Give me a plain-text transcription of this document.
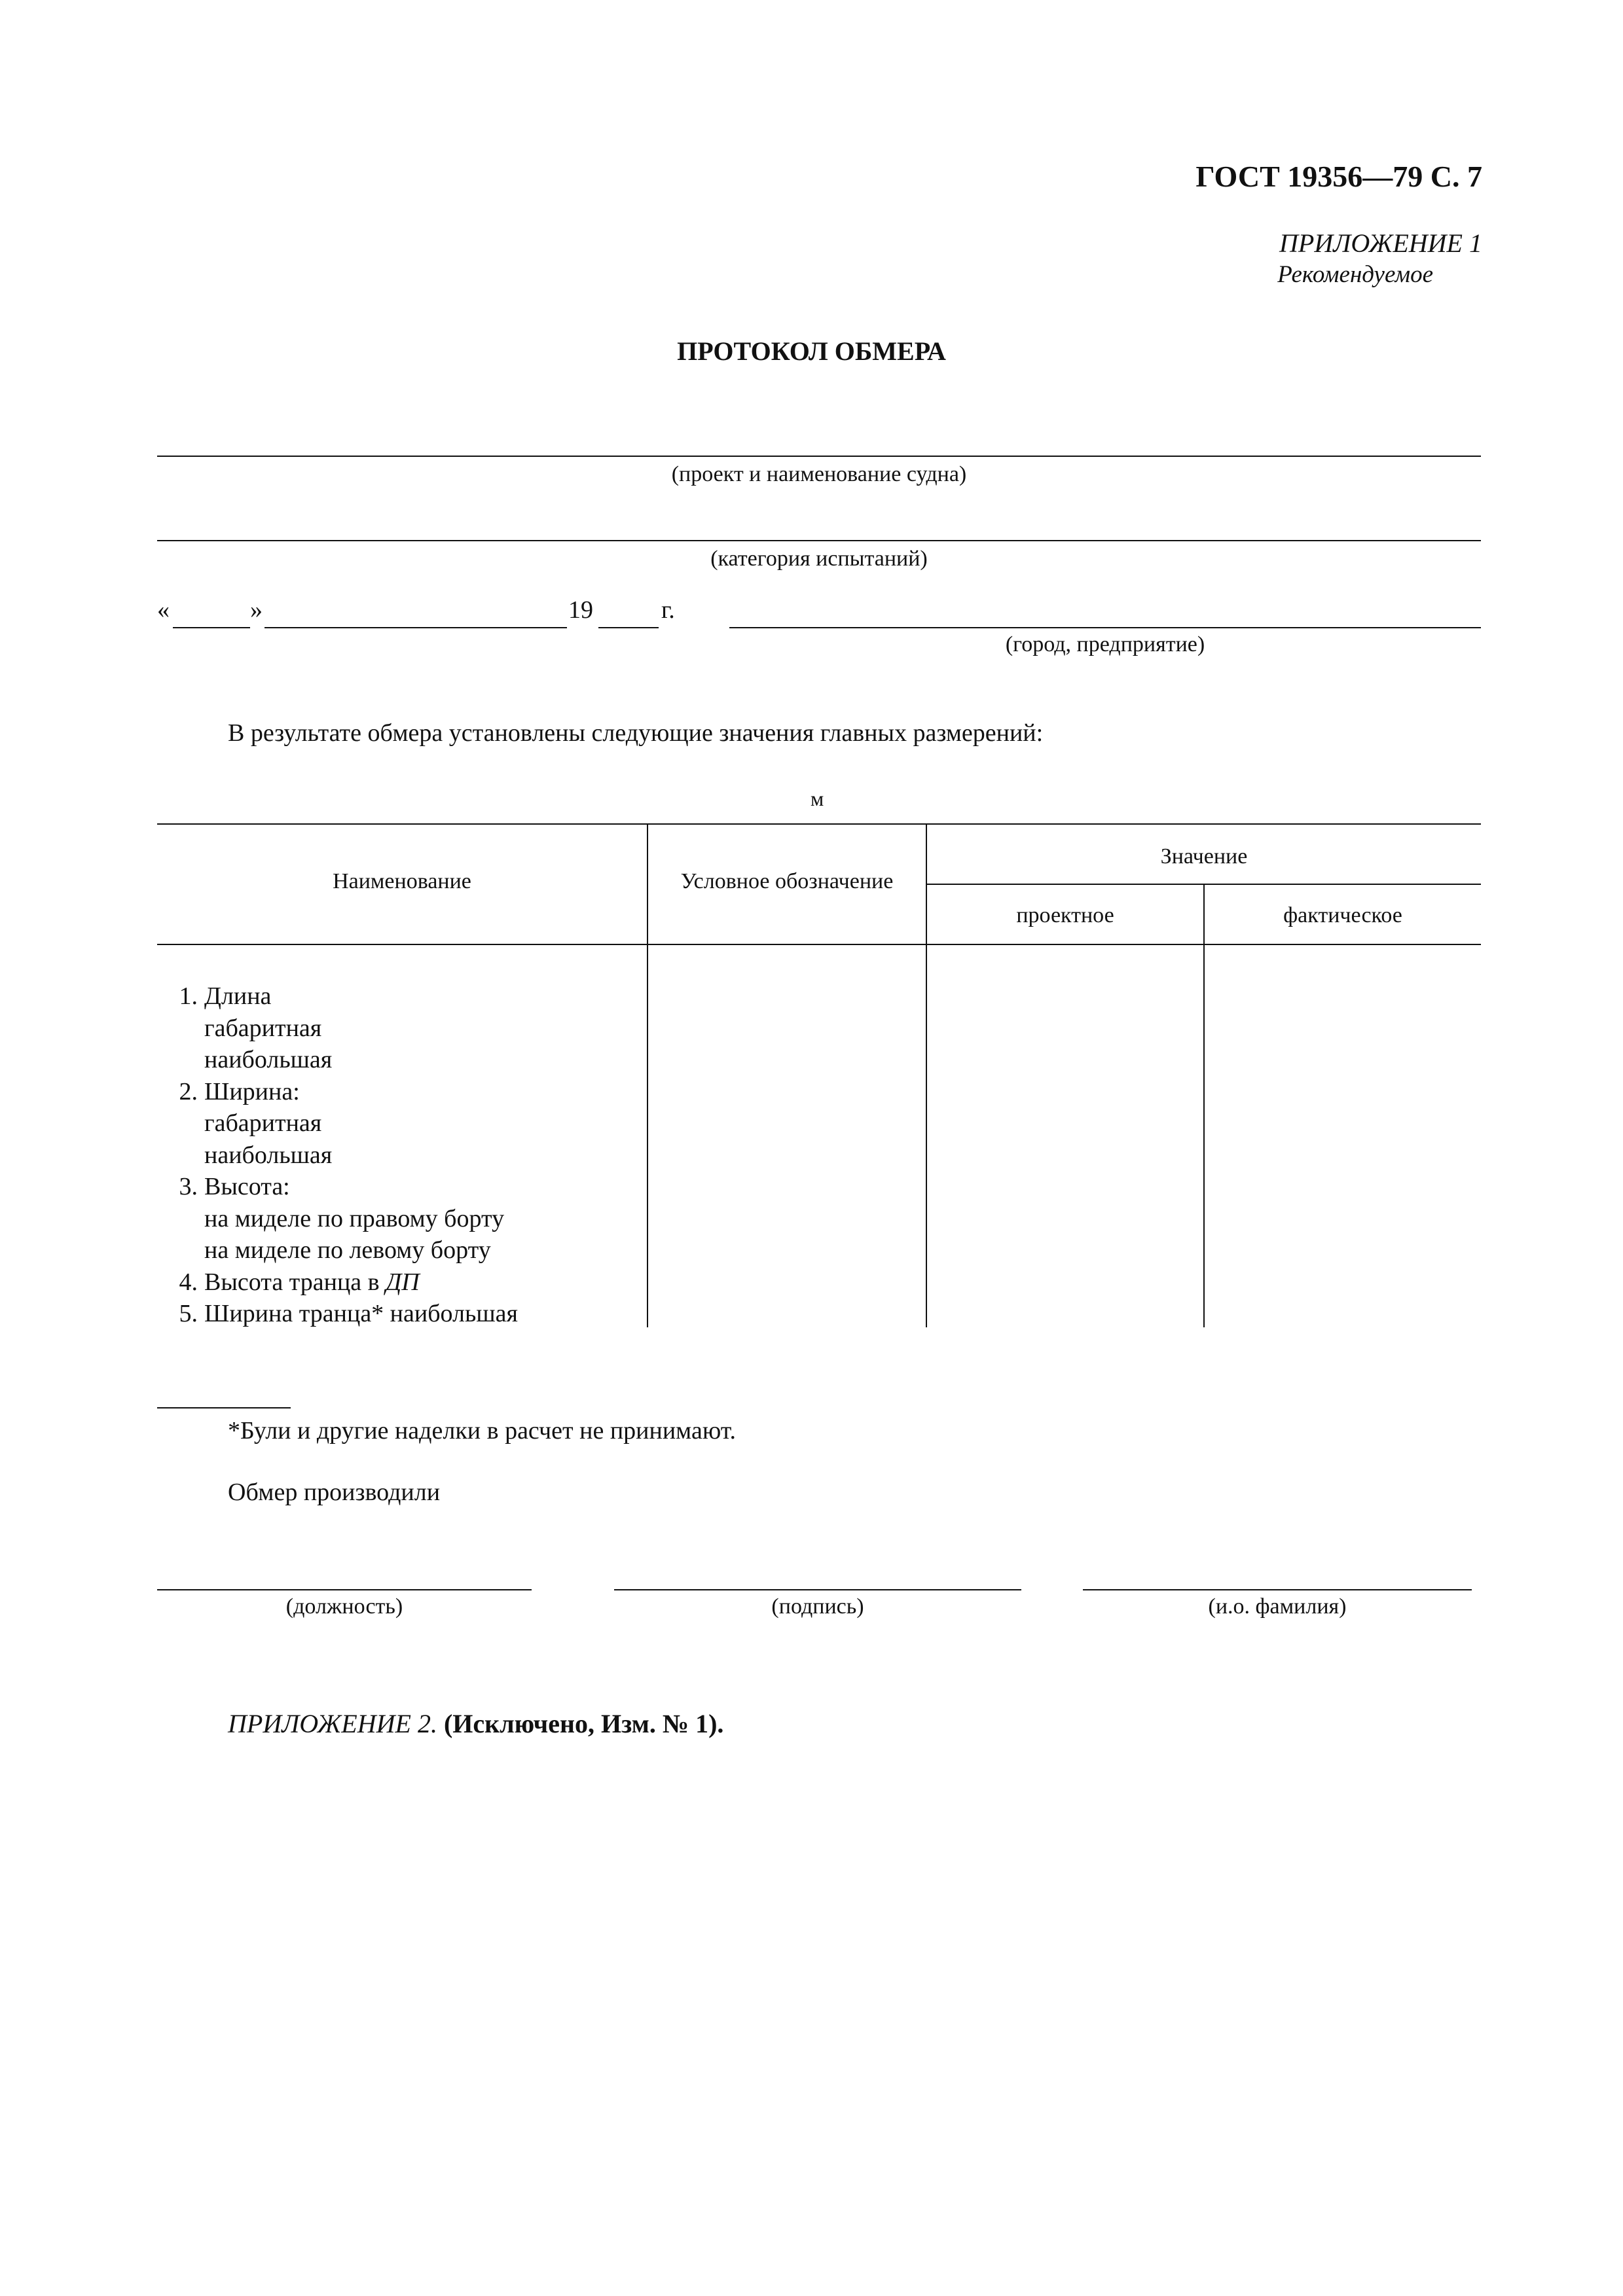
ГОСТ 19356—79 С. 7
ПРИЛОЖЕНИЕ 1
Рекомендуемое
ПРОТОКОЛ ОБМЕРА
(проект и наименование судна)
(категория испытаний)
«	»	19	г.
(город, предприятие)
В результате обмера установлены следующие значения главных размерений:
м
Наименование	Условное обозначение
Значение
проектное	фактическое
1. Длина
габаритная
наибольшая
2. Ширина:
габаритная
наибольшая
3. Высота:
на миделе по правому борту
на миделе по левому борту
4. Высота транца в ДП
5. Ширина транца* наибольшая
*Були и другие наделки в расчет не принимают.
Обмер производили
(должность)	(подпись)	(и.о. фамилия)
ПРИЛОЖЕНИЕ 2. (Исключено, Изм. № 1).
